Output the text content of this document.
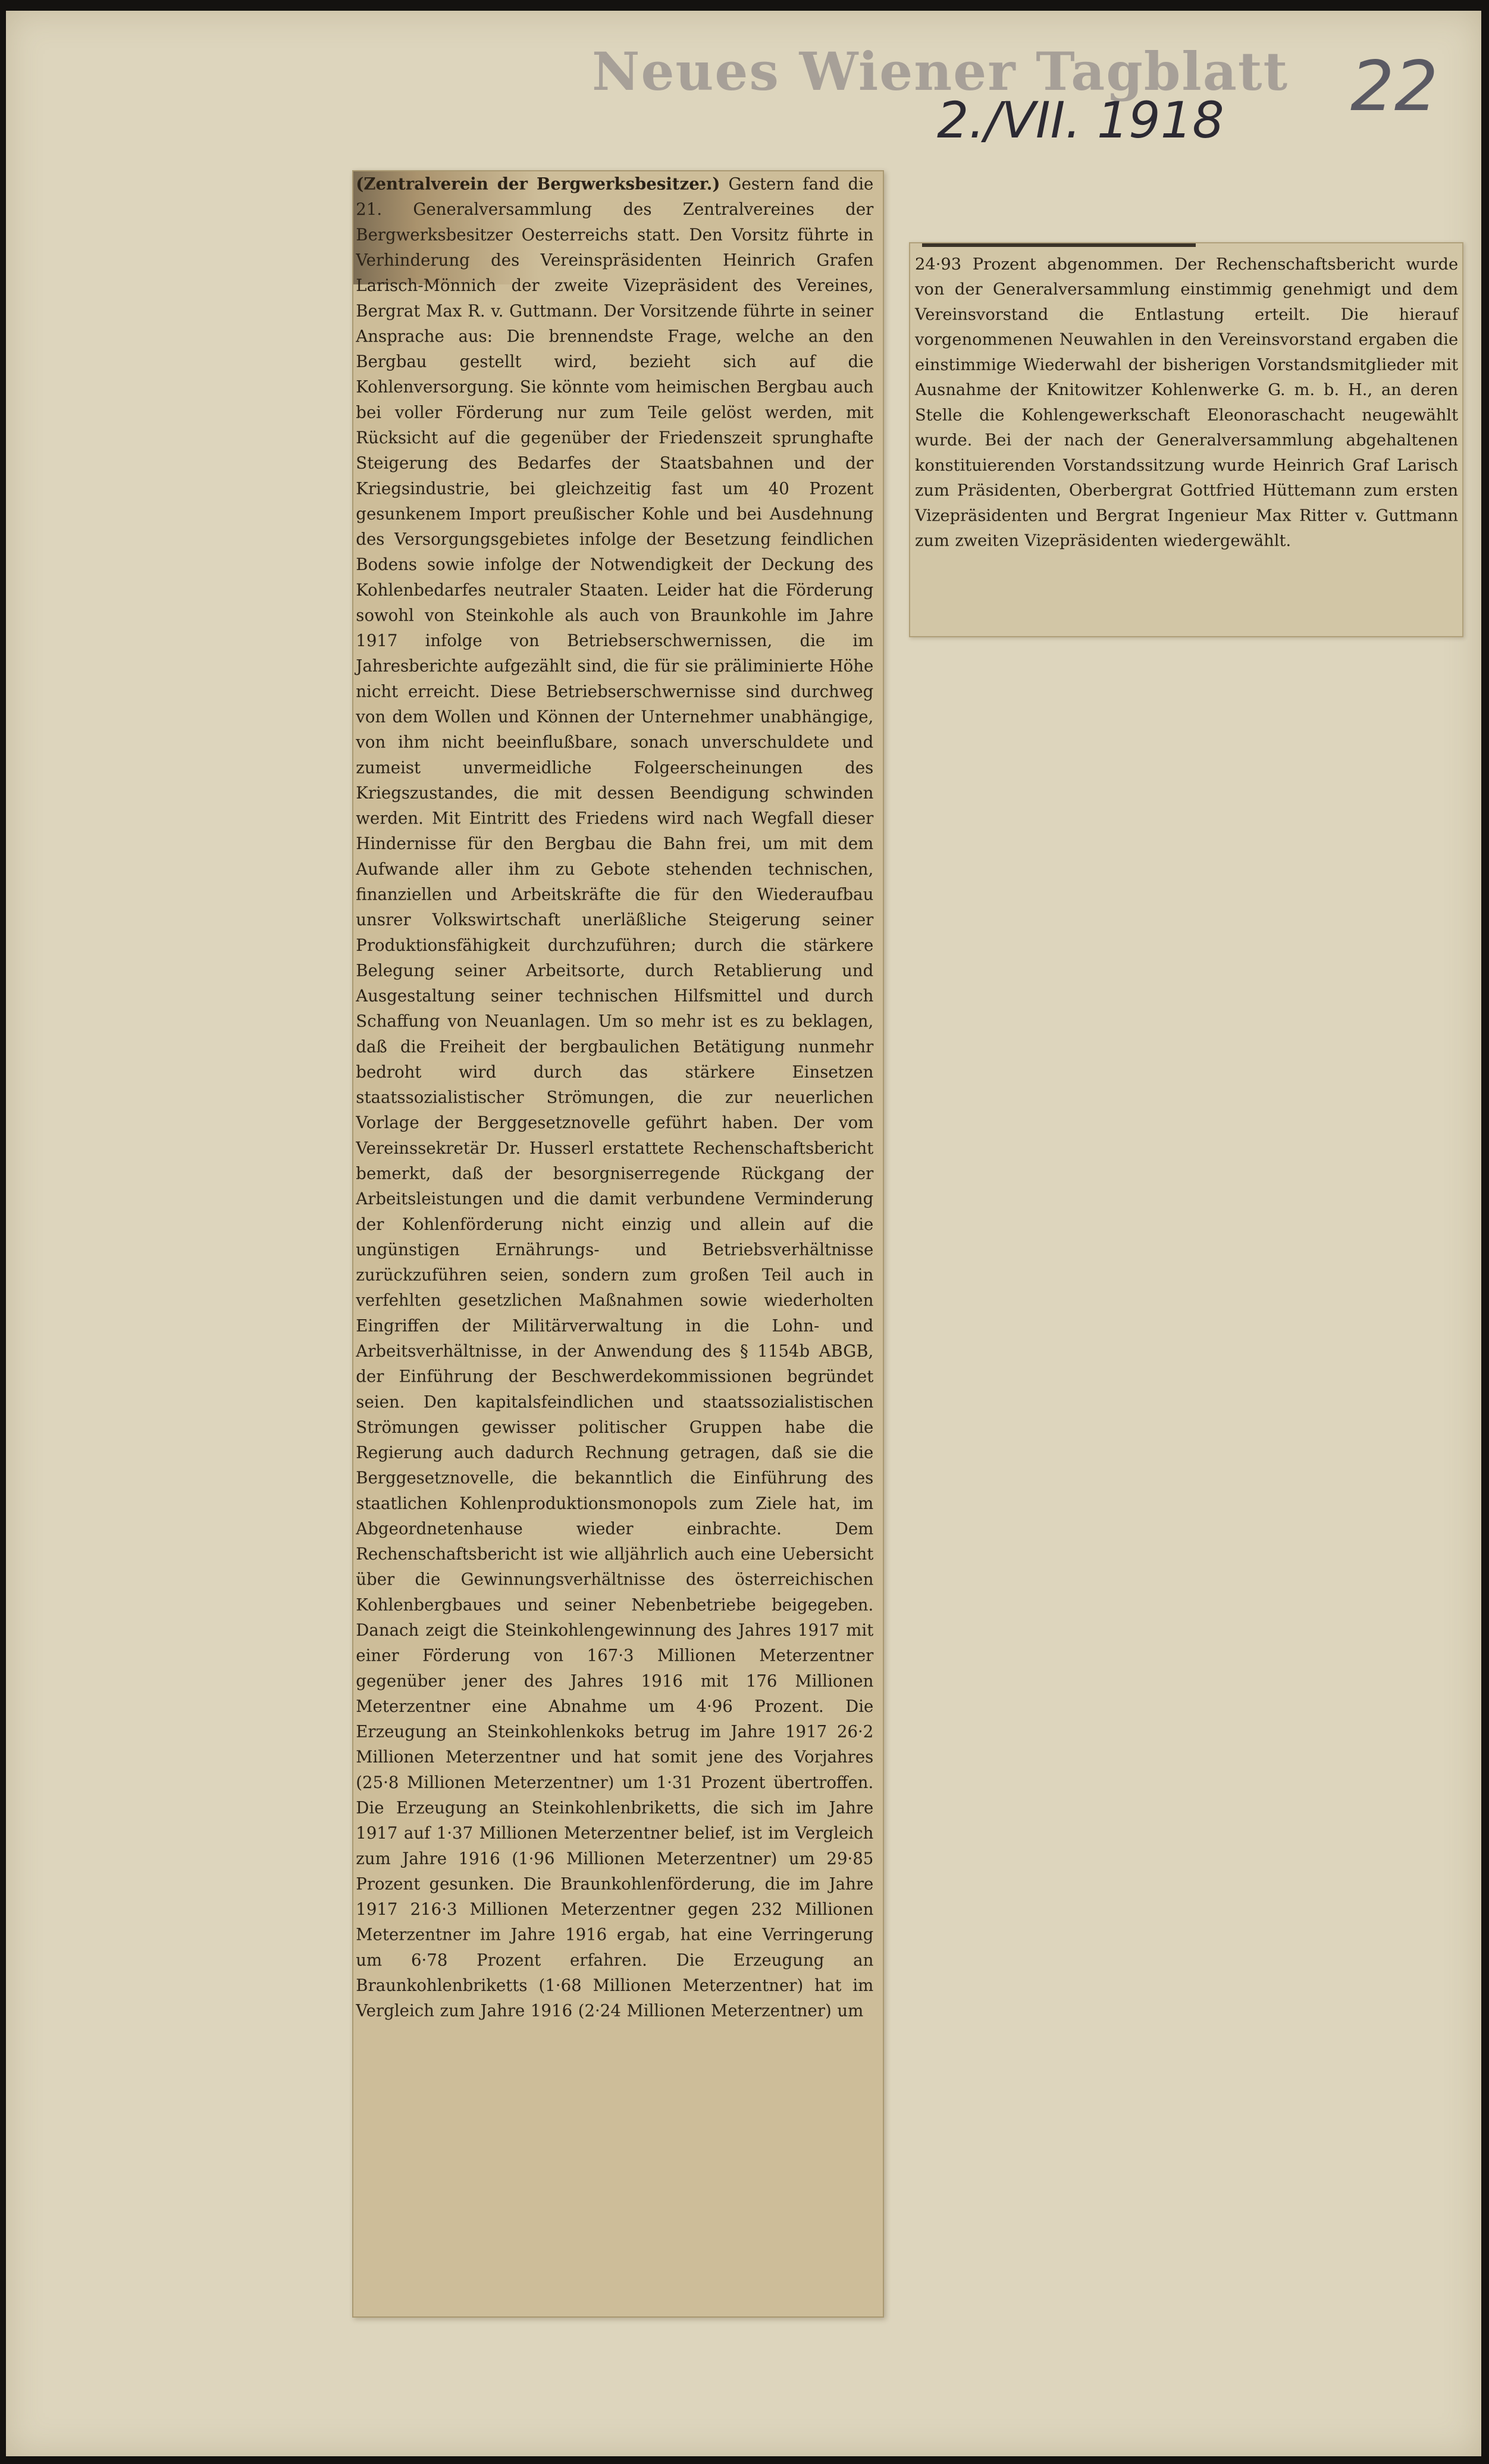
Neues Wiener Tagblatt
2./VII. 1918 22

(Zentralverein der Bergwerksbesitzer.) Gestern fand die 21. Generalversammlung des Zentralvereines der Bergwerksbesitzer Oesterreichs statt. Den Vorsitz führte in Verhinderung des Vereinspräsidenten Heinrich Grafen Larisch-Mönnich der zweite Vizepräsident des Vereines, Bergrat Max R. v. Guttmann. Der Vorsitzende führte in seiner Ansprache aus: Die brennendste Frage, welche an den Bergbau gestellt wird, bezieht sich auf die Kohlenversorgung. Sie könnte vom heimischen Bergbau auch bei voller Förderung nur zum Teile gelöst werden, mit Rücksicht auf die gegenüber der Friedenszeit sprunghafte Steigerung des Bedarfes der Staatsbahnen und der Kriegsindustrie, bei gleichzeitig fast um 40 Prozent gesunkenem Import preußischer Kohle und bei Ausdehnung des Versorgungsgebietes infolge der Besetzung feindlichen Bodens sowie infolge der Notwendigkeit der Deckung des Kohlenbedarfes neutraler Staaten. Leider hat die Förderung sowohl von Steinkohle als auch von Braunkohle im Jahre 1917 infolge von Betriebserschwernissen, die im Jahresberichte aufgezählt sind, die für sie präliminierte Höhe nicht erreicht. Diese Betriebserschwernisse sind durchweg von dem Wollen und Können der Unternehmer unabhängige, von ihm nicht beeinflußbare, sonach unverschuldete und zumeist unvermeidliche Folgeerscheinungen des Kriegszustandes, die mit dessen Beendigung schwinden werden. Mit Eintritt des Friedens wird nach Wegfall dieser Hindernisse für den Bergbau die Bahn frei, um mit dem Aufwande aller ihm zu Gebote stehenden technischen, finanziellen und Arbeitskräfte die für den Wiederaufbau unsrer Volkswirtschaft unerläßliche Steigerung seiner Produktionsfähigkeit durchzuführen; durch die stärkere Belegung seiner Arbeitsorte, durch Retablierung und Ausgestaltung seiner technischen Hilfsmittel und durch Schaffung von Neuanlagen. Um so mehr ist es zu beklagen, daß die Freiheit der bergbaulichen Betätigung nunmehr bedroht wird durch das stärkere Einsetzen staatssozialistischer Strömungen, die zur neuerlichen Vorlage der Berggesetznovelle geführt haben. Der vom Vereinssekretär Dr. Husserl erstattete Rechenschaftsbericht bemerkt, daß der besorgniserregende Rückgang der Arbeitsleistungen und die damit verbundene Verminderung der Kohlenförderung nicht einzig und allein auf die ungünstigen Ernährungs- und Betriebsverhältnisse zurückzuführen seien, sondern zum großen Teil auch in verfehlten gesetzlichen Maßnahmen sowie wiederholten Eingriffen der Militärverwaltung in die Lohn- und Arbeitsverhältnisse, in der Anwendung des § 1154b ABGB, der Einführung der Beschwerdekommissionen begründet seien. Den kapitalsfeindlichen und staatssozialistischen Strömungen gewisser politischer Gruppen habe die Regierung auch dadurch Rechnung getragen, daß sie die Berggesetznovelle, die bekanntlich die Einführung des staatlichen Kohlenproduktionsmonopols zum Ziele hat, im Abgeordnetenhause wieder einbrachte. Dem Rechenschaftsbericht ist wie alljährlich auch eine Uebersicht über die Gewinnungsverhältnisse des österreichischen Kohlenbergbaues und seiner Nebenbetriebe beigegeben. Danach zeigt die Steinkohlengewinnung des Jahres 1917 mit einer Förderung von 167·3 Millionen Meterzentner gegenüber jener des Jahres 1916 mit 176 Millionen Meterzentner eine Abnahme um 4·96 Prozent. Die Erzeugung an Steinkohlenkoks betrug im Jahre 1917 26·2 Millionen Meterzentner und hat somit jene des Vorjahres (25·8 Millionen Meterzentner) um 1·31 Prozent übertroffen. Die Erzeugung an Steinkohlenbriketts, die sich im Jahre 1917 auf 1·37 Millionen Meterzentner belief, ist im Vergleich zum Jahre 1916 (1·96 Millionen Meterzentner) um 29·85 Prozent gesunken. Die Braunkohlenförderung, die im Jahre 1917 216·3 Millionen Meterzentner gegen 232 Millionen Meterzentner im Jahre 1916 ergab, hat eine Verringerung um 6·78 Prozent erfahren. Die Erzeugung an Braunkohlenbriketts (1·68 Millionen Meterzentner) hat im Vergleich zum Jahre 1916 (2·24 Millionen Meterzentner) um

24·93 Prozent abgenommen. Der Rechenschaftsbericht wurde von der Generalversammlung einstimmig genehmigt und dem Vereinsvorstand die Entlastung erteilt. Die hierauf vorgenommenen Neuwahlen in den Vereinsvorstand ergaben die einstimmige Wiederwahl der bisherigen Vorstandsmitglieder mit Ausnahme der Knitowitzer Kohlenwerke G. m. b. H., an deren Stelle die Kohlengewerkschaft Eleonoraschacht neugewählt wurde. Bei der nach der Generalversammlung abgehaltenen konstituierenden Vorstandssitzung wurde Heinrich Graf Larisch zum Präsidenten, Oberbergrat Gottfried Hüttemann zum ersten Vizepräsidenten und Bergrat Ingenieur Max Ritter v. Guttmann zum zweiten Vizepräsidenten wiedergewählt.
